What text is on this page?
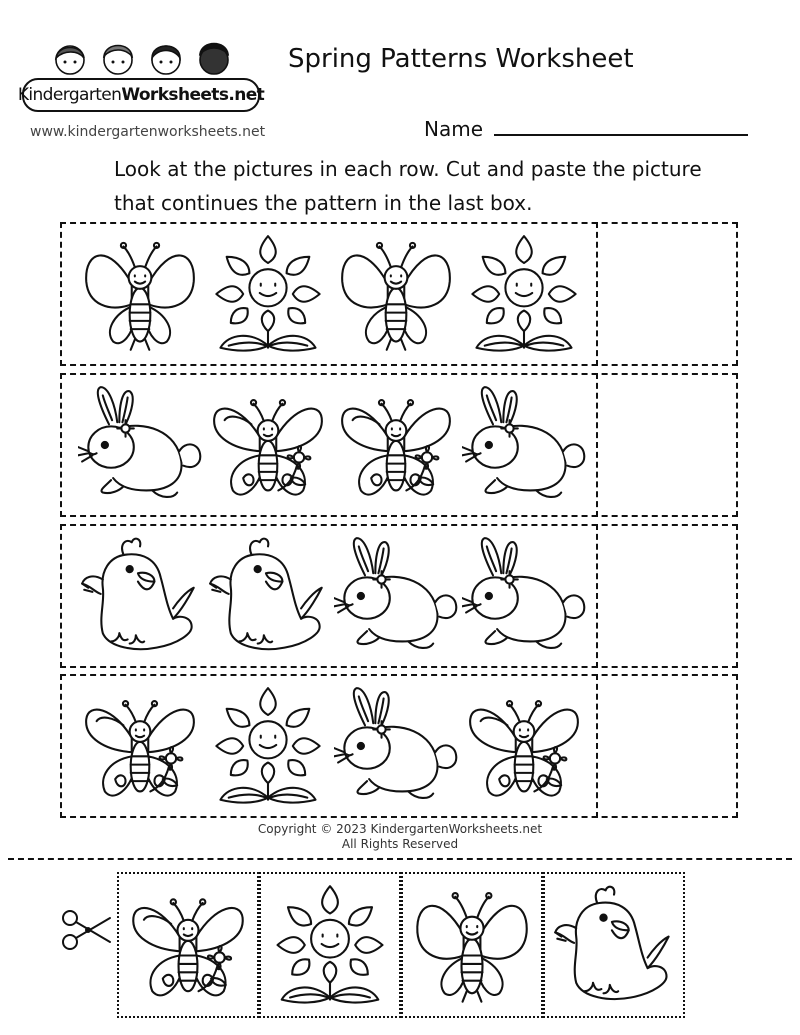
KindergartenWorksheets.net
www.kindergartenworksheets.net
Spring Patterns Worksheet
Name
Look at the pictures in each row. Cut and paste the picture
that continues the pattern in the last box.
Copyright © 2023 KindergartenWorksheets.net
All Rights Reserved
